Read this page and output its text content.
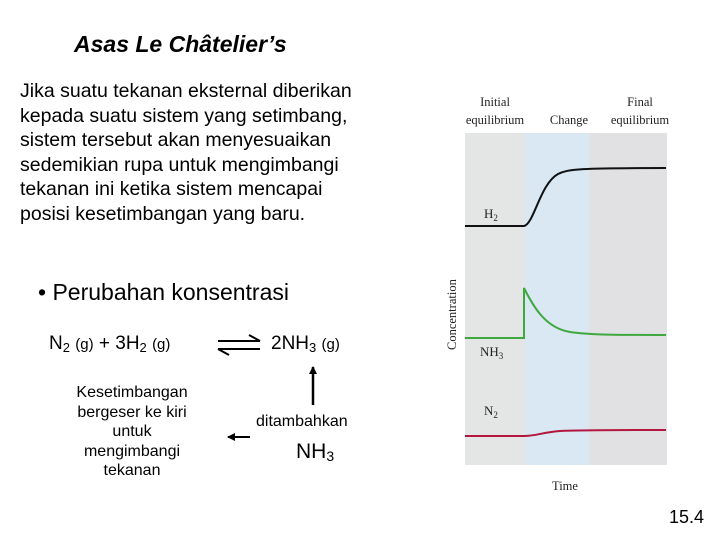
Asas Le Châtelier’s
Jika suatu tekanan eksternal diberikan
kepada suatu sistem yang setimbang,
sistem tersebut akan menyesuaikan
sedemikian rupa untuk mengimbangi
tekanan ini ketika sistem mencapai
posisi kesetimbangan yang baru.
• Perubahan konsentrasi
$N_2$ $(g) + 3H_2$ (g)	$2NH_3$ (g)
Kesetimbangan
bergeser ke kiri
untuk
mengimbangi
tekanan
ditambahkan
$NH_3$
Initial
equilibrium Change
Final
equilibrium
Concentration
Time
$H_2$
$NH_3$
$N_2$
15.4
